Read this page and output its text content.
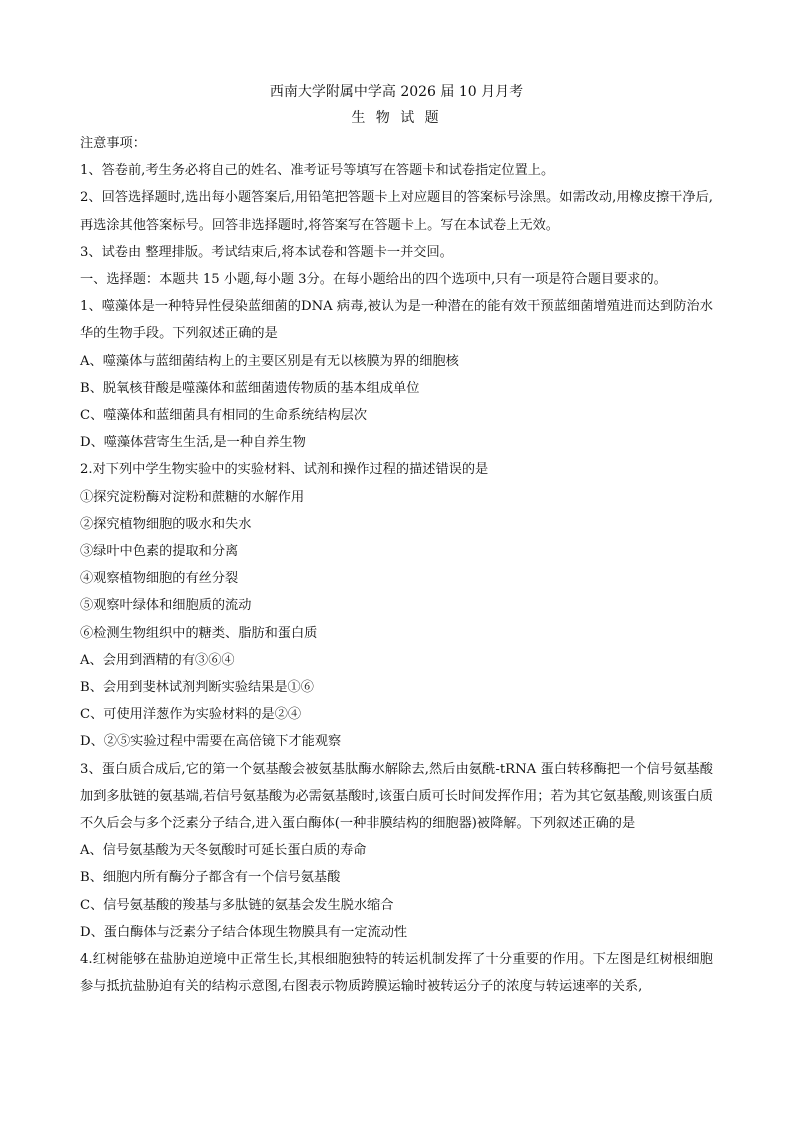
西南大学附属中学高 2026 届 10 月月考
生 物 试 题

注意事项：

1、答卷前,考生务必将自己的姓名、准考证号等填写在答题卡和试卷指定位置上。

2、回答选择题时,选出每小题答案后,用铅笔把答题卡上对应题目的答案标号涂黑。如需改动,用橡皮擦干净后,再选涂其他答案标号。回答非选择题时,将答案写在答题卡上。写在本试卷上无效。

3、试卷由 整理排版。考试结束后,将本试卷和答题卡一并交回。

一、选择题：本题共 15 小题,每小题 3分。在每小题给出的四个选项中,只有一项是符合题目要求的。

1、噬藻体是一种特异性侵染蓝细菌的DNA 病毒,被认为是一种潜在的能有效干预蓝细菌增殖进而达到防治水华的生物手段。下列叙述正确的是

A、噬藻体与蓝细菌结构上的主要区别是有无以核膜为界的细胞核

B、脱氧核苷酸是噬藻体和蓝细菌遗传物质的基本组成单位

C、噬藻体和蓝细菌具有相同的生命系统结构层次

D、噬藻体营寄生生活,是一种自养生物

2.对下列中学生物实验中的实验材料、试剂和操作过程的描述错误的是

①探究淀粉酶对淀粉和蔗糖的水解作用

②探究植物细胞的吸水和失水

③绿叶中色素的提取和分离

④观察植物细胞的有丝分裂

⑤观察叶绿体和细胞质的流动

⑥检测生物组织中的糖类、脂肪和蛋白质

A、会用到酒精的有③⑥④

B、会用到斐林试剂判断实验结果是①⑥

C、可使用洋葱作为实验材料的是②④

D、②⑤实验过程中需要在高倍镜下才能观察

3、蛋白质合成后,它的第一个氨基酸会被氨基肽酶水解除去,然后由氨酰-tRNA 蛋白转移酶把一个信号氨基酸加到多肽链的氨基端,若信号氨基酸为必需氨基酸时,该蛋白质可长时间发挥作用；若为其它氨基酸,则该蛋白质不久后会与多个泛素分子结合,进入蛋白酶体(一种非膜结构的细胞器)被降解。下列叙述正确的是

A、信号氨基酸为天冬氨酸时可延长蛋白质的寿命

B、细胞内所有酶分子都含有一个信号氨基酸

C、信号氨基酸的羧基与多肽链的氨基会发生脱水缩合

D、蛋白酶体与泛素分子结合体现生物膜具有一定流动性

4.红树能够在盐胁迫逆境中正常生长,其根细胞独特的转运机制发挥了十分重要的作用。下左图是红树根细胞参与抵抗盐胁迫有关的结构示意图,右图表示物质跨膜运输时被转运分子的浓度与转运速率的关系,
